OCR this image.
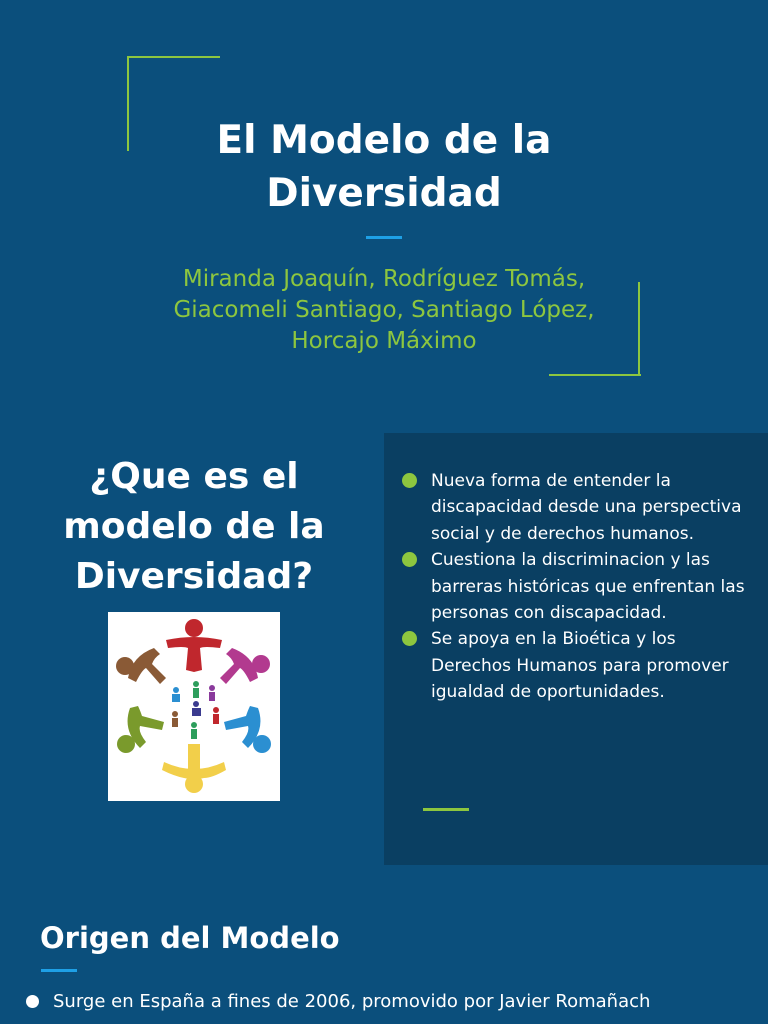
El Modelo de la
Diversidad
Miranda Joaquín, Rodríguez Tomás,
Giacomeli Santiago, Santiago López,
Horcajo Máximo
¿Que es el
modelo de la
Diversidad?
Nueva forma de entender la discapacidad desde una perspectiva social y de derechos humanos.
Cuestiona la discriminacion y las barreras históricas que enfrentan las personas con discapacidad.
Se apoya en la Bioética y los Derechos Humanos para promover igualdad de oportunidades.
Origen del Modelo
Surge en España a fines de 2006, promovido por Javier Romañach
